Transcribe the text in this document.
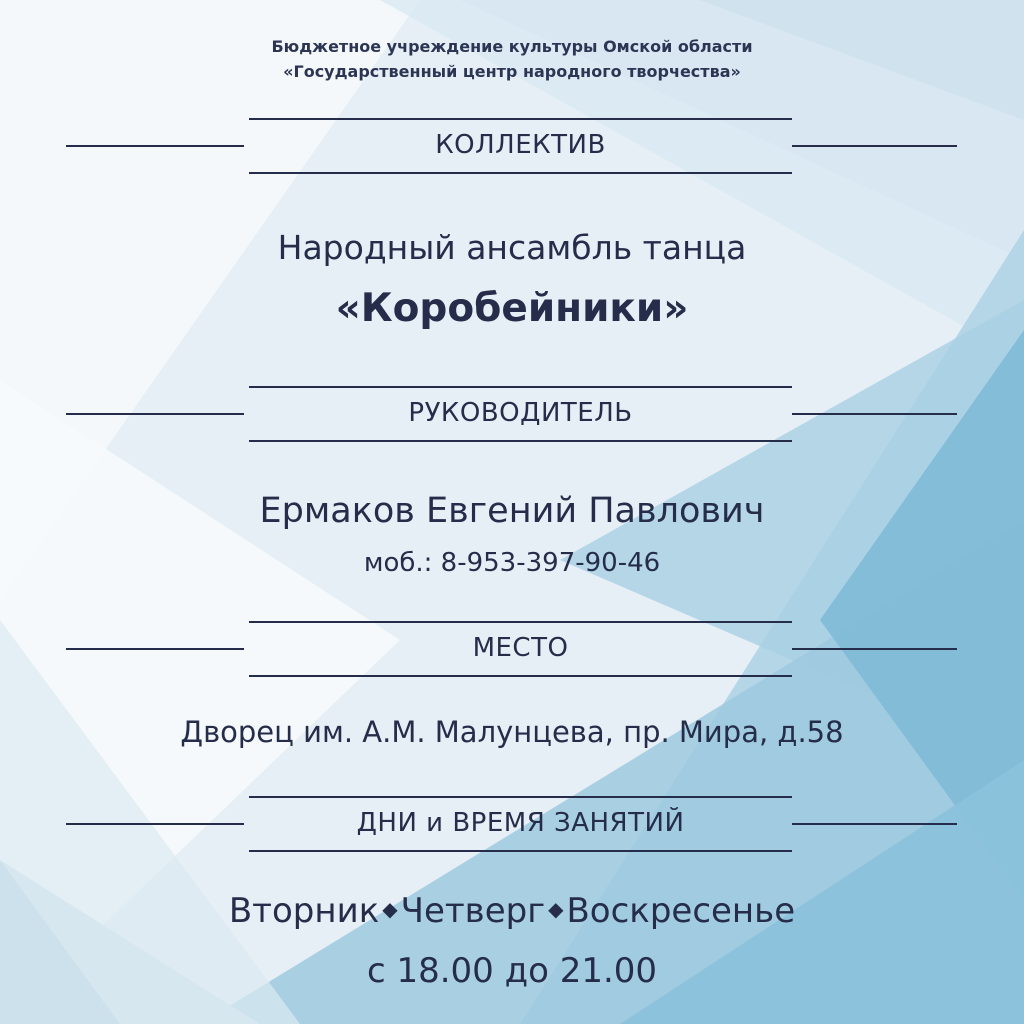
Бюджетное учреждение культуры Омской области
«Государственный центр народного творчества»
КОЛЛЕКТИВ
Народный ансамбль танца
«Коробейники»
РУКОВОДИТЕЛЬ
Ермаков Евгений Павлович
моб.: 8-953-397-90-46
МЕСТО
Дворец им. А.М. Малунцева, пр. Мира, д.58
ДНИ и ВРЕМЯ ЗАНЯТИЙ
Вторник ◆Четверг ◆Воскресенье
с 18.00 до 21.00
